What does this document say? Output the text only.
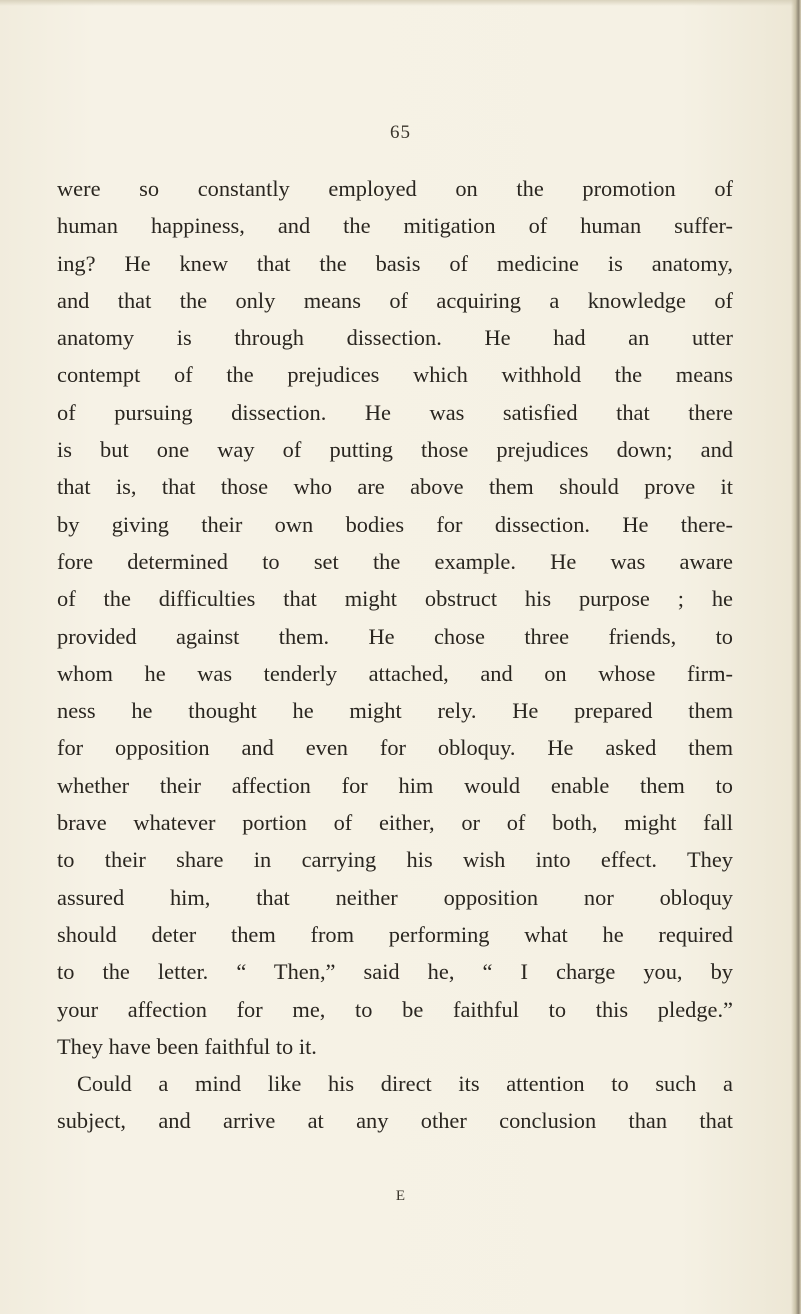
65
were so constantly employed on the promotion of
human happiness, and the mitigation of human suffer-
ing? He knew that the basis of medicine is anatomy,
and that the only means of acquiring a knowledge of
anatomy is through dissection. He had an utter
contempt of the prejudices which withhold the means
of pursuing dissection. He was satisfied that there
is but one way of putting those prejudices down; and
that is, that those who are above them should prove it
by giving their own bodies for dissection. He there-
fore determined to set the example. He was aware
of the difficulties that might obstruct his purpose ; he
provided against them. He chose three friends, to
whom he was tenderly attached, and on whose firm-
ness he thought he might rely. He prepared them
for opposition and even for obloquy. He asked them
whether their affection for him would enable them to
brave whatever portion of either, or of both, might fall
to their share in carrying his wish into effect. They
assured him, that neither opposition nor obloquy
should deter them from performing what he required
to the letter. “ Then,” said he, “ I charge you, by
your affection for me, to be faithful to this pledge.”
They have been faithful to it.
Could a mind like his direct its attention to such a
subject, and arrive at any other conclusion than that
E
